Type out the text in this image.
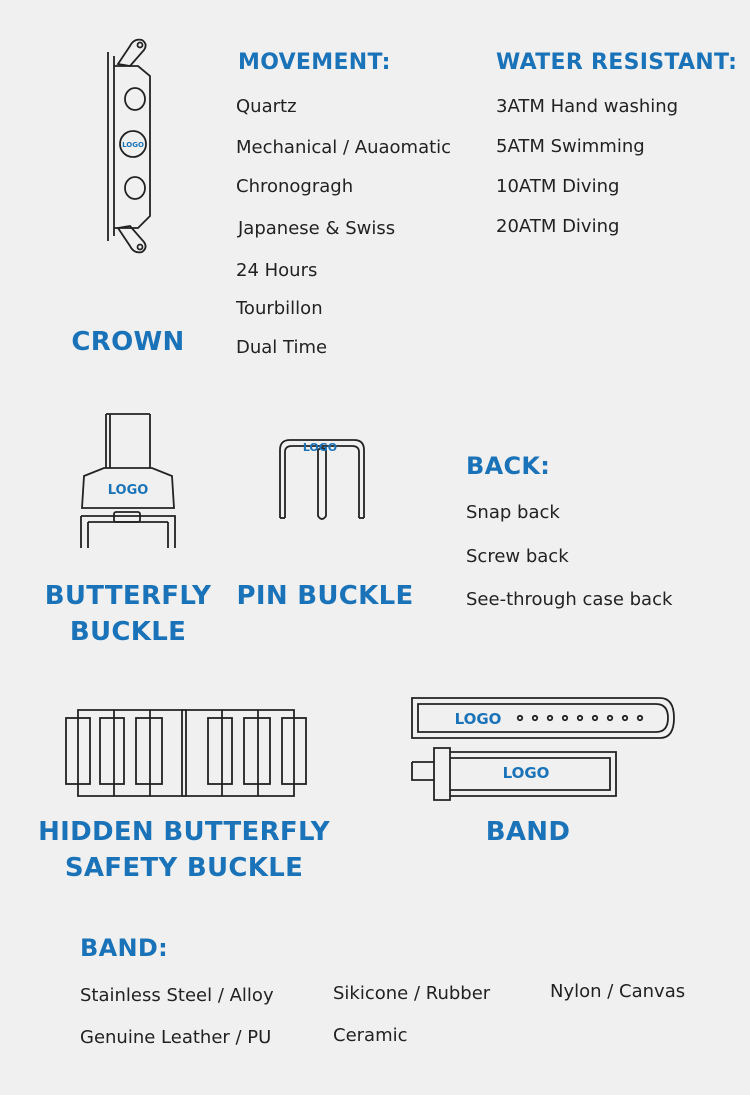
LOGO
CROWN
MOVEMENT:
Quartz
Mechanical / Auaomatic
Chronogragh
Japanese & Swiss
24 Hours
Tourbillon
Dual Time
WATER RESISTANT:
3ATM Hand washing
5ATM Swimming
10ATM Diving
20ATM Diving
LOGO
BUTTERFLY
BUCKLE
LOGO
PIN BUCKLE
BACK:
Snap back
Screw back
See-through case back
HIDDEN BUTTERFLY
SAFETY BUCKLE
LOGO
LOGO
BAND
BAND:
Stainless Steel / Alloy	Sikicone / Rubber	Nylon / Canvas
Genuine Leather / PU	Ceramic
